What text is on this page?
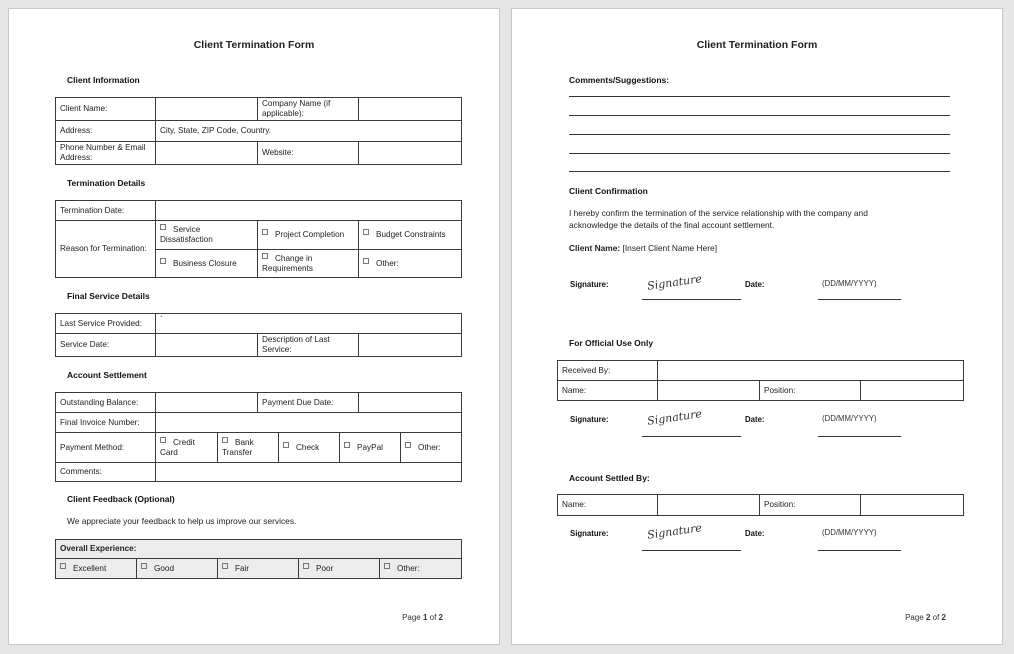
Client Termination Form
Client Information
Client Name:		Company Name (if applicable):	
Address:	City, State, ZIP Code, Country.		
Phone Number & Email Address:		Website:	
Termination Details
Termination Date:			
Reason for Termination:	Service Dissatisfaction	Project Completion	Budget Constraints
	Business Closure	Change in Requirements	Other:
Final Service Details
Last Service Provided:	`		
Service Date:		Description of Last Service:	
Account Settlement
Outstanding Balance:		Payment Due Date:	
Final Invoice Number:			
Payment Method:	Credit Card	Bank Transfer	Check	PayPal	Other:
Comments:					
Client Feedback (Optional)
We appreciate your feedback to help us improve our services.
Overall Experience:
Excellent	Good	Fair	Poor	Other:
Page 1 of 2
Client Termination Form
Comments/Suggestions:
Client Confirmation
I hereby confirm the termination of the service relationship with the company and acknowledge the details of the final account settlement.
Client Name: [Insert Client Name Here]
Signature:	Signature	Date:	(DD/MM/YYYY)
For Official Use Only
Received By:			
Name:		Position:	
Signature:	Signature	Date:	(DD/MM/YYYY)
Account Settled By:
Name:		Position:	
Signature:	Signature	Date:	(DD/MM/YYYY)
Page 2 of 2
